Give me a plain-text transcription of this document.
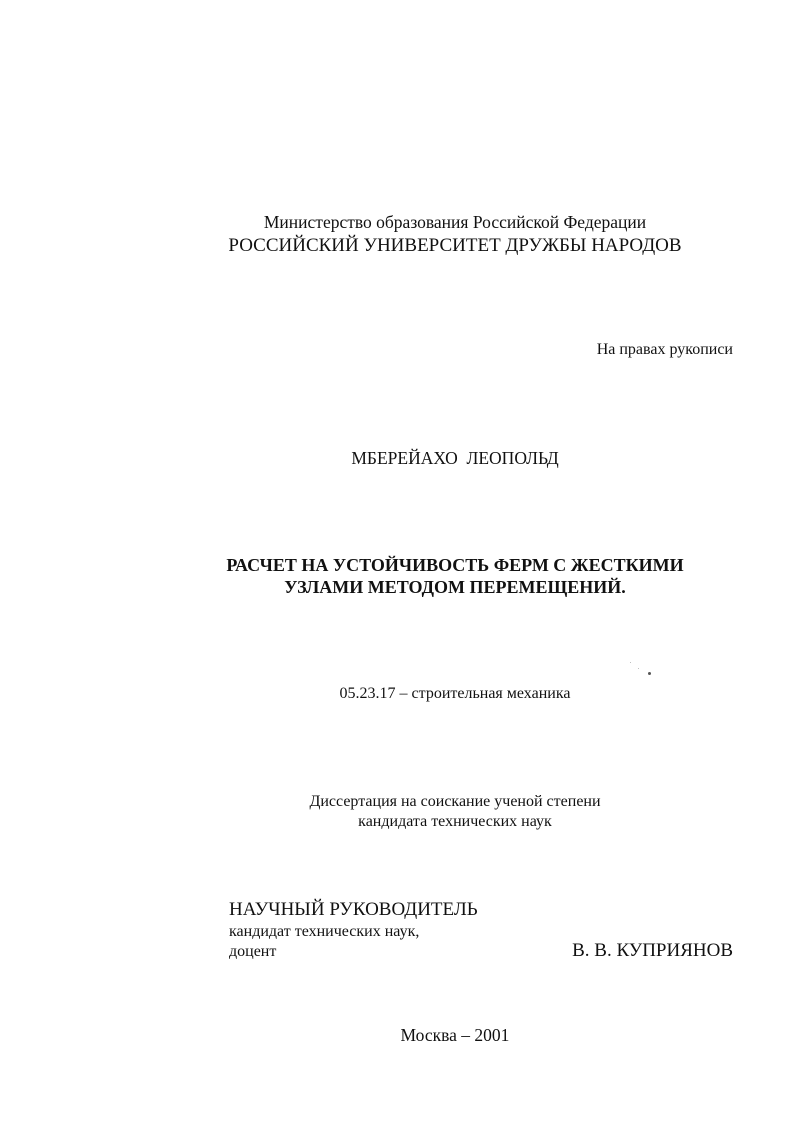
Министерство образования Российской Федерации
РОССИЙСКИЙ УНИВЕРСИТЕТ ДРУЖБЫ НАРОДОВ
На правах рукописи
МБЕРЕЙАХО  ЛЕОПОЛЬД
РАСЧЕТ НА УСТОЙЧИВОСТЬ ФЕРМ С ЖЕСТКИМИ
УЗЛАМИ МЕТОДОМ ПЕРЕМЕЩЕНИЙ.
05.23.17 – строительная механика
Диссертация на соискание ученой степени
кандидата технических наук
НАУЧНЫЙ РУКОВОДИТЕЛЬ
кандидат технических наук,
доцент	В. В. КУПРИЯНОВ
Москва – 2001
